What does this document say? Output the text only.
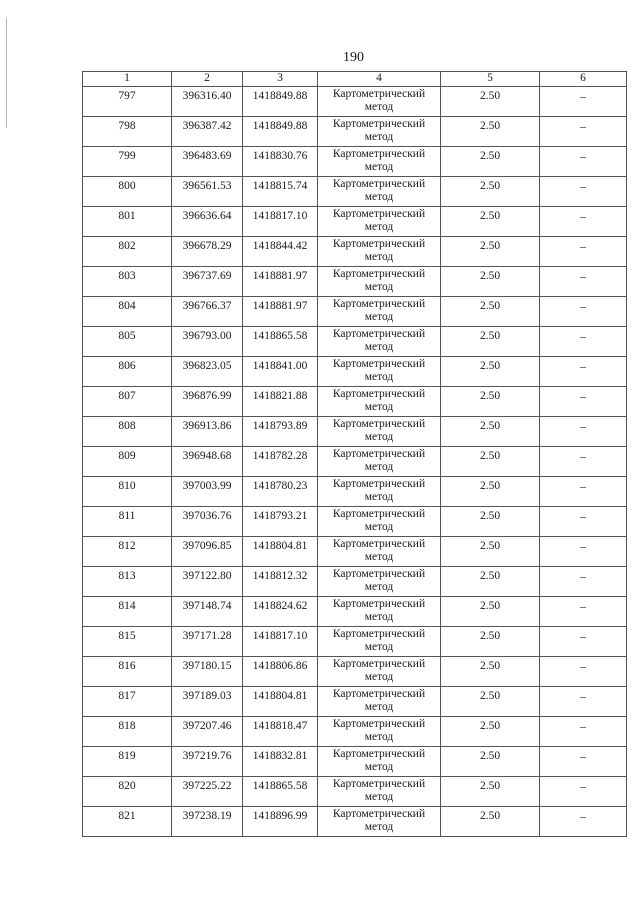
190
1	2	3	4	5	6
797	396316.40	1418849.88	Картометрический метод	2.50	–
798	396387.42	1418849.88	Картометрический метод	2.50	–
799	396483.69	1418830.76	Картометрический метод	2.50	–
800	396561.53	1418815.74	Картометрический метод	2.50	–
801	396636.64	1418817.10	Картометрический метод	2.50	–
802	396678.29	1418844.42	Картометрический метод	2.50	–
803	396737.69	1418881.97	Картометрический метод	2.50	–
804	396766.37	1418881.97	Картометрический метод	2.50	–
805	396793.00	1418865.58	Картометрический метод	2.50	–
806	396823.05	1418841.00	Картометрический метод	2.50	–
807	396876.99	1418821.88	Картометрический метод	2.50	–
808	396913.86	1418793.89	Картометрический метод	2.50	–
809	396948.68	1418782.28	Картометрический метод	2.50	–
810	397003.99	1418780.23	Картометрический метод	2.50	–
811	397036.76	1418793.21	Картометрический метод	2.50	–
812	397096.85	1418804.81	Картометрический метод	2.50	–
813	397122.80	1418812.32	Картометрический метод	2.50	–
814	397148.74	1418824.62	Картометрический метод	2.50	–
815	397171.28	1418817.10	Картометрический метод	2.50	–
816	397180.15	1418806.86	Картометрический метод	2.50	–
817	397189.03	1418804.81	Картометрический метод	2.50	–
818	397207.46	1418818.47	Картометрический метод	2.50	–
819	397219.76	1418832.81	Картометрический метод	2.50	–
820	397225.22	1418865.58	Картометрический метод	2.50	–
821	397238.19	1418896.99	Картометрический метод	2.50	–
